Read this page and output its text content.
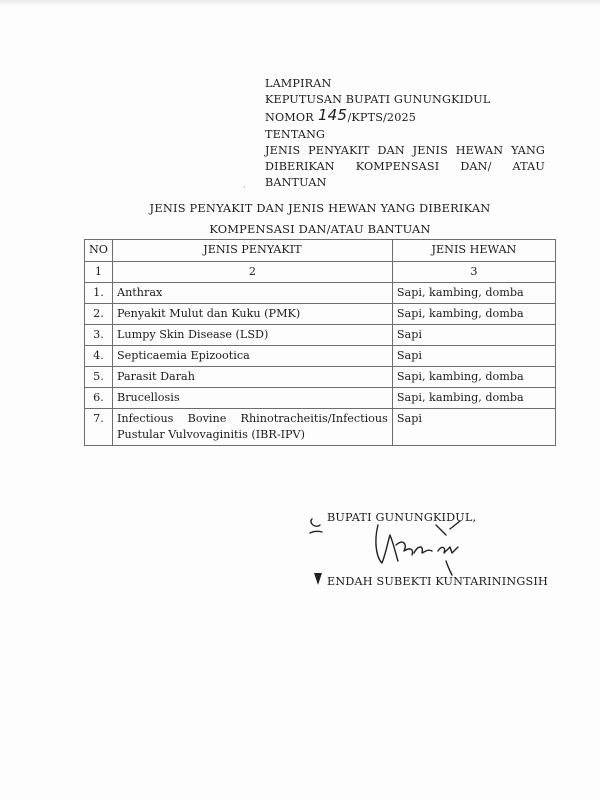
LAMPIRAN
KEPUTUSAN BUPATI GUNUNGKIDUL
NOMOR 145/KPTS/2025
TENTANG
JENIS PENYAKIT DAN JENIS HEWAN YANG
DIBERIKAN KOMPENSASI DAN/ ATAU
BANTUAN
·
JENIS PENYAKIT DAN JENIS HEWAN YANG DIBERIKAN
KOMPENSASI DAN/ATAU BANTUAN
NO	JENIS PENYAKIT	JENIS HEWAN
1	2	3
1.	Anthrax	Sapi, kambing, domba
2.	Penyakit Mulut dan Kuku (PMK)	Sapi, kambing, domba
3.	Lumpy Skin Disease (LSD)	Sapi
4.	Septicaemia Epizootica	Sapi
5.	Parasit Darah	Sapi, kambing, domba
6.	Brucellosis	Sapi, kambing, domba
7.	Infectious Bovine Rhinotracheitis/Infectious Pustular Vulvovaginitis (IBR-IPV)	Sapi
BUPATI GUNUNGKIDUL,
ENDAH SUBEKTI KUNTARININGSIH
